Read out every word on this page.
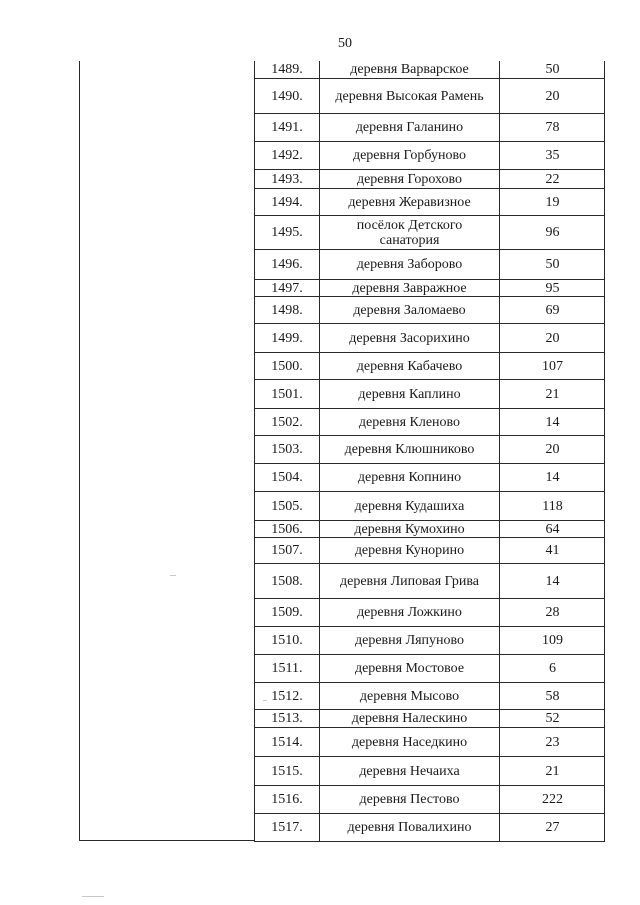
50
1489.	деревня Варварское	50
1490.	деревня Высокая Рамень	20
1491.	деревня Галанино	78
1492.	деревня Горбуново	35
1493.	деревня Горохово	22
1494.	деревня Жеравизное	19
1495.	посёлок Детского санатория	96
1496.	деревня Заборово	50
1497.	деревня Завражное	95
1498.	деревня Заломаево	69
1499.	деревня Засорихино	20
1500.	деревня Кабачево	107
1501.	деревня Каплино	21
1502.	деревня Кленово	14
1503.	деревня Клюшниково	20
1504.	деревня Копнино	14
1505.	деревня Кудашиха	118
1506.	деревня Кумохино	64
1507.	деревня Кунорино	41
1508.	деревня Липовая Грива	14
1509.	деревня Ложкино	28
1510.	деревня Ляпуново	109
1511.	деревня Мостовое	6
1512.	деревня Мысово	58
1513.	деревня Налескино	52
1514.	деревня Наседкино	23
1515.	деревня Нечаиха	21
1516.	деревня Пестово	222
1517.	деревня Повалихино	27
